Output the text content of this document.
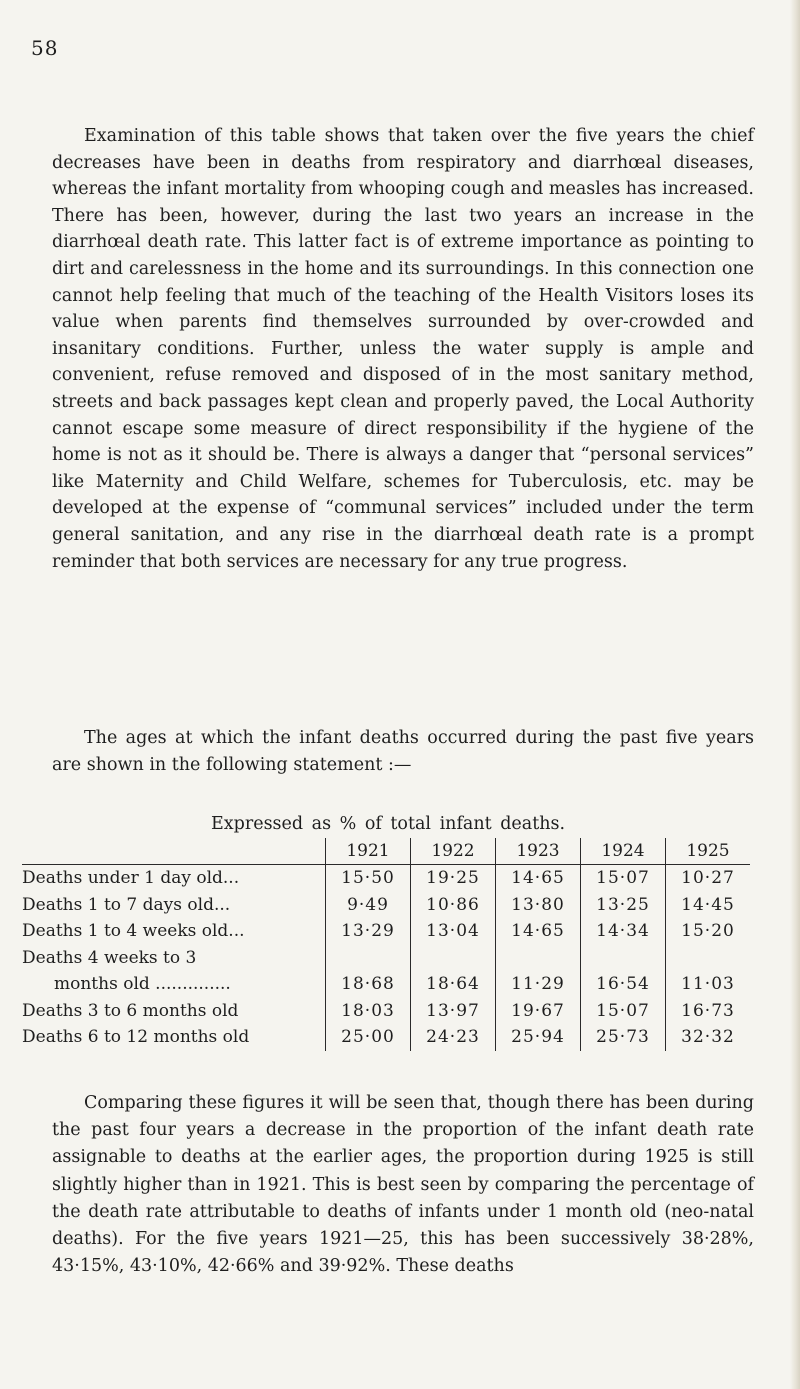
58

Examination of this table shows that taken over the five years the chief decreases have been in deaths from respiratory and diarrhœal diseases, whereas the infant mortality from whooping cough and measles has increased. There has been, however, during the last two years an increase in the diarrhœal death rate. This latter fact is of extreme importance as pointing to dirt and carelessness in the home and its surroundings. In this connection one cannot help feeling that much of the teaching of the Health Visitors loses its value when parents find themselves surrounded by over-crowded and insanitary conditions. Further, unless the water supply is ample and convenient, refuse removed and disposed of in the most sanitary method, streets and back passages kept clean and properly paved, the Local Authority cannot escape some measure of direct responsibility if the hygiene of the home is not as it should be. There is always a danger that “personal services” like Maternity and Child Welfare, schemes for Tuberculosis, etc. may be developed at the expense of “communal services” included under the term general sanitation, and any rise in the diarrhœal death rate is a prompt reminder that both services are necessary for any true progress.

The ages at which the infant deaths occurred during the past five years are shown in the following statement :—

Expressed as % of total infant deaths.

	1921	1922	1923	1924	1925
Deaths under 1 day old...	15·50	19·25	14·65	15·07	10·27
Deaths 1 to 7 days old...	9·49	10·86	13·80	13·25	14·45
Deaths 1 to 4 weeks old...	13·29	13·04	14·65	14·34	15·20
Deaths 4 weeks to 3					
months old ..............	18·68	18·64	11·29	16·54	11·03
Deaths 3 to 6 months old	18·03	13·97	19·67	15·07	16·73
Deaths 6 to 12 months old	25·00	24·23	25·94	25·73	32·32

Comparing these figures it will be seen that, though there has been during the past four years a decrease in the proportion of the infant death rate assignable to deaths at the earlier ages, the proportion during 1925 is still slightly higher than in 1921. This is best seen by comparing the percentage of the death rate attributable to deaths of infants under 1 month old (neo-natal deaths). For the five years 1921—25, this has been successively 38·28%, 43·15%, 43·10%, 42·66% and 39·92%. These deaths
